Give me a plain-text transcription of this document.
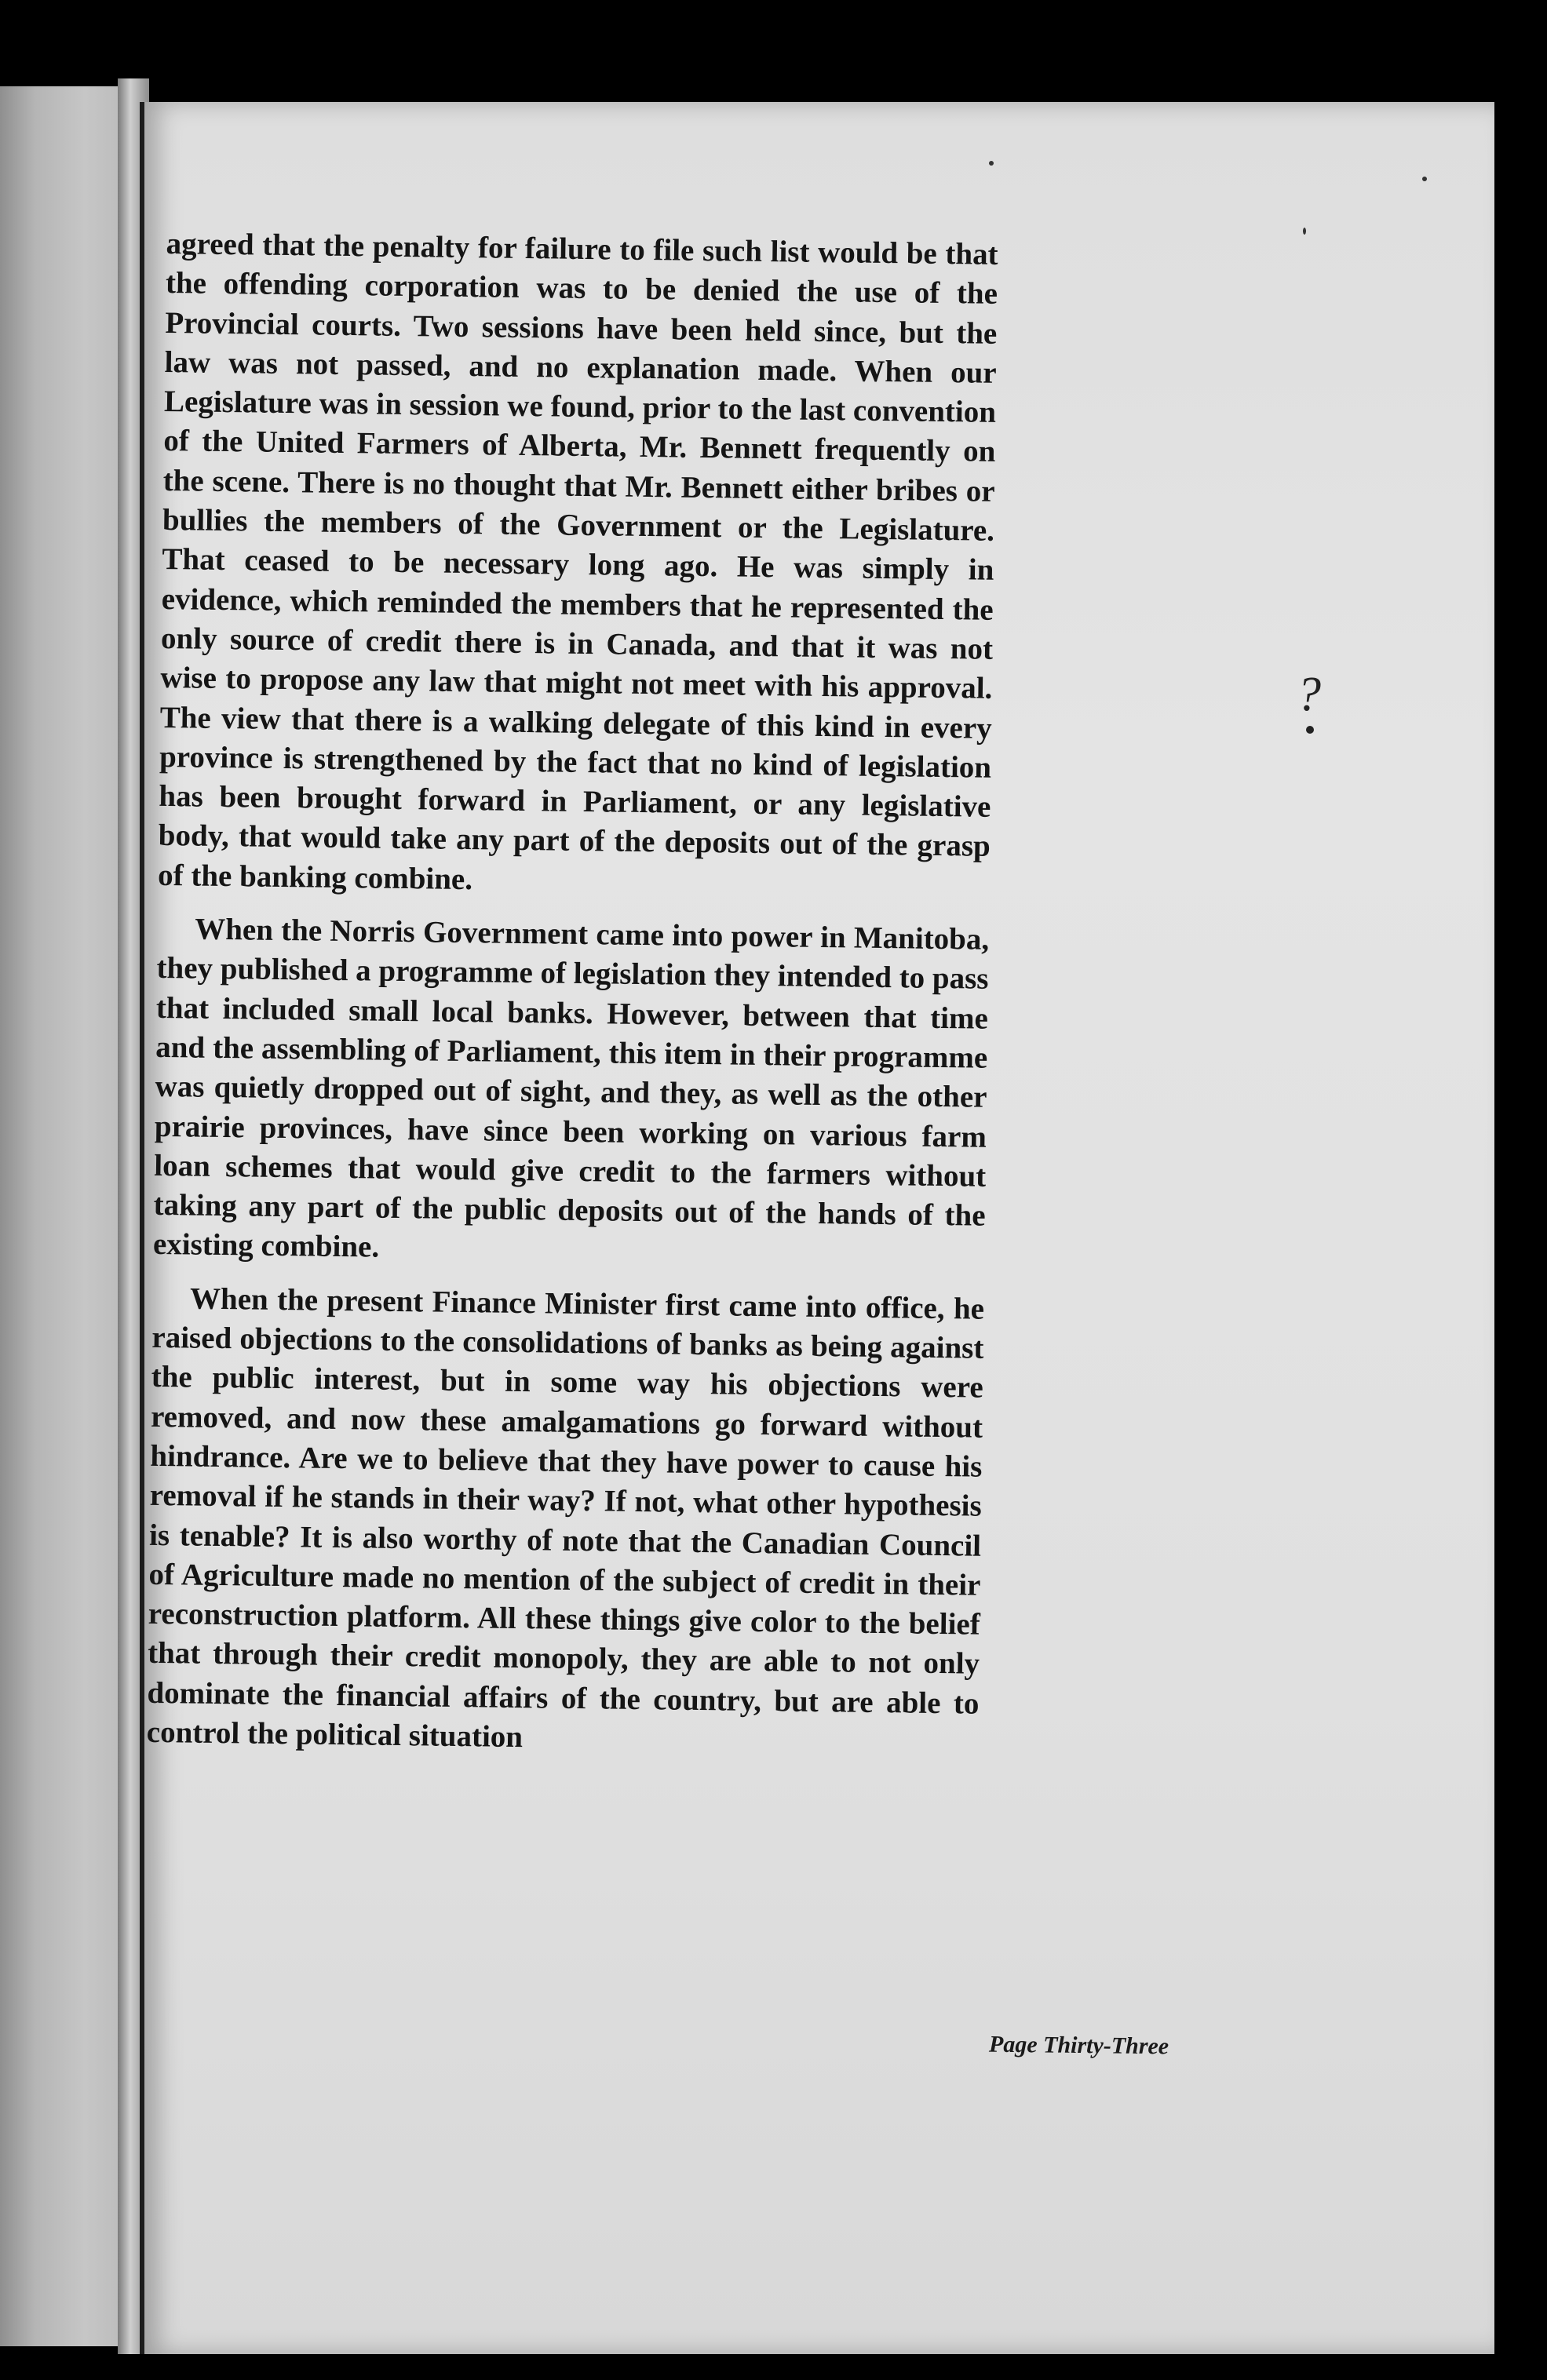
agreed that the penalty for failure to file such list would be that the offending corporation was to be denied the use of the Provincial courts. Two sessions have been held since, but the law was not passed, and no explanation made. When our Legislature was in session we found, prior to the last convention of the United Farmers of Alberta, Mr. Bennett frequently on the scene. There is no thought that Mr. Bennett either bribes or bullies the members of the Government or the Legislature. That ceased to be necessary long ago. He was simply in evidence, which reminded the members that he represented the only source of credit there is in Canada, and that it was not wise to propose any law that might not meet with his approval. The view that there is a walking delegate of this kind in every province is strengthened by the fact that no kind of legislation has been brought forward in Parliament, or any legislative body, that would take any part of the deposits out of the grasp of the banking combine.

When the Norris Government came into power in Manitoba, they published a programme of legislation they intended to pass that included small local banks. However, between that time and the assembling of Parliament, this item in their programme was quietly dropped out of sight, and they, as well as the other prairie provinces, have since been working on various farm loan schemes that would give credit to the farmers without taking any part of the public deposits out of the hands of the existing combine.

When the present Finance Minister first came into office, he raised objections to the consolidations of banks as being against the public interest, but in some way his objections were removed, and now these amalgamations go forward without hindrance. Are we to believe that they have power to cause his removal if he stands in their way? If not, what other hypothesis is tenable? It is also worthy of note that the Canadian Council of Agriculture made no mention of the subject of credit in their reconstruction platform. All these things give color to the belief that through their credit monopoly, they are able to not only dominate the financial affairs of the country, but are able to control the political situation

?
Page Thirty-Three
